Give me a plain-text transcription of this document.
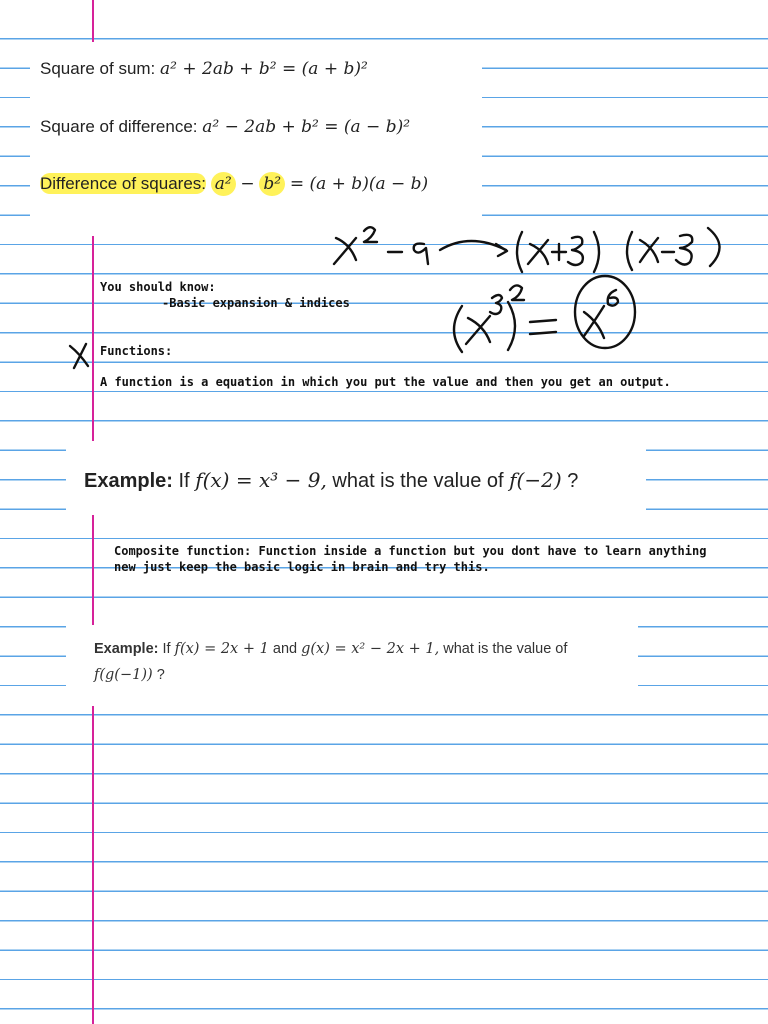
Square of sum: a² + 2ab + b² = (a + b)²
Square of difference: a² − 2ab + b² = (a − b)²
Difference of squares: a² − b² = (a + b)(a − b)
You should know:
-Basic expansion & indices
Functions:
A function is a equation in which you put the value and then you get an output.
Example: If f(x) = x³ − 9, what is the value of f(−2) ?
Composite function: Function inside a function but you dont have to learn anything
new just keep the basic logic in brain and try this.
Example: If f(x) = 2x + 1 and g(x) = x² − 2x + 1, what is the value of
f(g(−1)) ?
